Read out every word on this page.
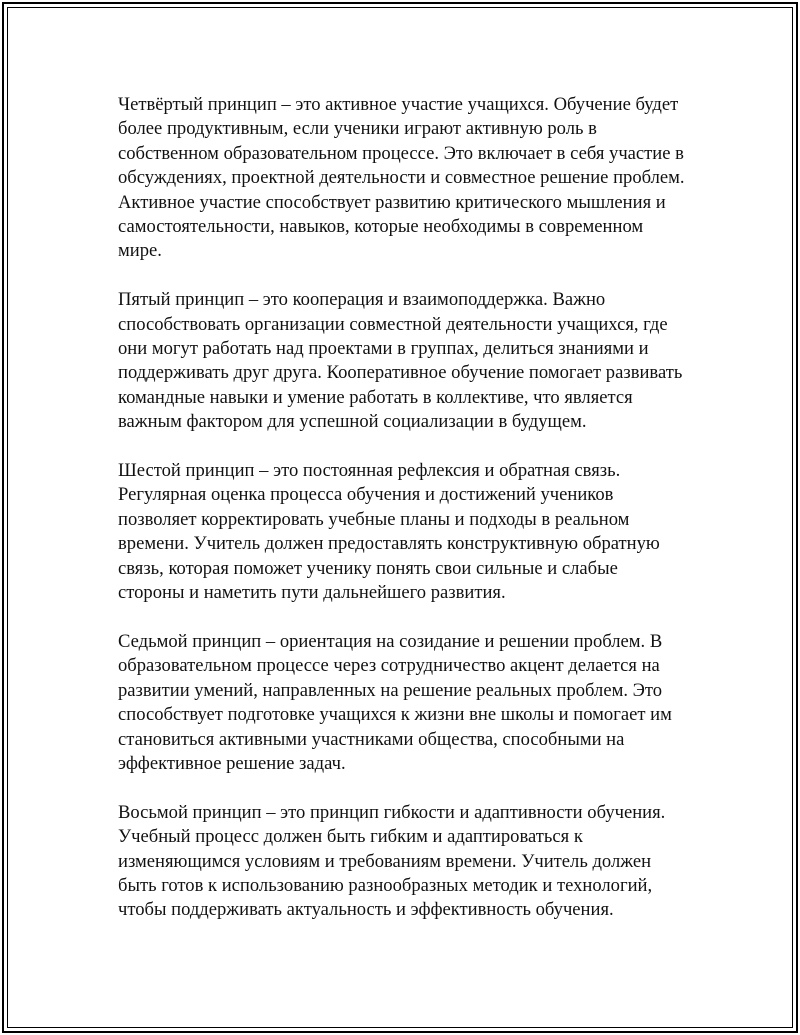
Четвёртый принцип – это активное участие учащихся. Обучение будет более продуктивным, если ученики играют активную роль в собственном образовательном процессе. Это включает в себя участие в обсуждениях, проектной деятельности и совместное решение проблем. Активное участие способствует развитию критического мышления и самостоятельности, навыков, которые необходимы в современном мире.

Пятый принцип – это кооперация и взаимоподдержка. Важно способствовать организации совместной деятельности учащихся, где они могут работать над проектами в группах, делиться знаниями и поддерживать друг друга. Кооперативное обучение помогает развивать командные навыки и умение работать в коллективе, что является важным фактором для успешной социализации в будущем.

Шестой принцип – это постоянная рефлексия и обратная связь. Регулярная оценка процесса обучения и достижений учеников позволяет корректировать учебные планы и подходы в реальном времени. Учитель должен предоставлять конструктивную обратную связь, которая поможет ученику понять свои сильные и слабые стороны и наметить пути дальнейшего развития.

Седьмой принцип – ориентация на созидание и решении проблем. В образовательном процессе через сотрудничество акцент делается на развитии умений, направленных на решение реальных проблем. Это способствует подготовке учащихся к жизни вне школы и помогает им становиться активными участниками общества, способными на эффективное решение задач.

Восьмой принцип – это принцип гибкости и адаптивности обучения. Учебный процесс должен быть гибким и адаптироваться к изменяющимся условиям и требованиям времени. Учитель должен быть готов к использованию разнообразных методик и технологий, чтобы поддерживать актуальность и эффективность обучения.
